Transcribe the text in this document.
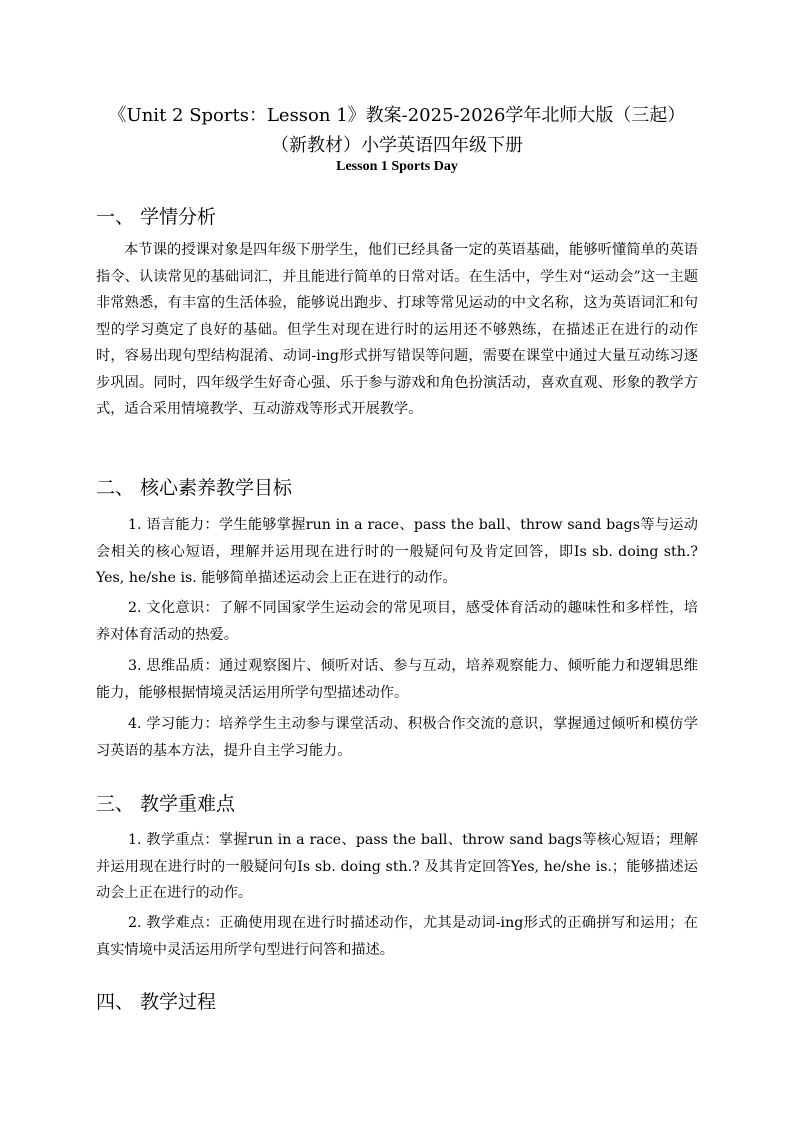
《Unit 2 Sports：Lesson 1》教案-2025-2026学年北师大版（三起）（新教材）小学英语四年级下册

Lesson 1 Sports Day

一、 学情分析

本节课的授课对象是四年级下册学生，他们已经具备一定的英语基础，能够听懂简单的英语指令、认读常见的基础词汇，并且能进行简单的日常对话。在生活中，学生对“运动会”这一主题非常熟悉，有丰富的生活体验，能够说出跑步、打球等常见运动的中文名称，这为英语词汇和句型的学习奠定了良好的基础。但学生对现在进行时的运用还不够熟练，在描述正在进行的动作时，容易出现句型结构混淆、动词-ing形式拼写错误等问题，需要在课堂中通过大量互动练习逐步巩固。同时，四年级学生好奇心强、乐于参与游戏和角色扮演活动，喜欢直观、形象的教学方式，适合采用情境教学、互动游戏等形式开展教学。

二、 核心素养教学目标

1. 语言能力：学生能够掌握run in a race、pass the ball、throw sand bags等与运动会相关的核心短语，理解并运用现在进行时的一般疑问句及肯定回答，即Is sb. doing sth.? Yes, he/she is. 能够简单描述运动会上正在进行的动作。

2. 文化意识：了解不同国家学生运动会的常见项目，感受体育活动的趣味性和多样性，培养对体育活动的热爱。

3. 思维品质：通过观察图片、倾听对话、参与互动，培养观察能力、倾听能力和逻辑思维能力，能够根据情境灵活运用所学句型描述动作。

4. 学习能力：培养学生主动参与课堂活动、积极合作交流的意识，掌握通过倾听和模仿学习英语的基本方法，提升自主学习能力。

三、 教学重难点

1. 教学重点：掌握run in a race、pass the ball、throw sand bags等核心短语；理解并运用现在进行时的一般疑问句Is sb. doing sth.? 及其肯定回答Yes, he/she is.；能够描述运动会上正在进行的动作。

2. 教学难点：正确使用现在进行时描述动作，尤其是动词-ing形式的正确拼写和运用；在真实情境中灵活运用所学句型进行问答和描述。

四、 教学过程
